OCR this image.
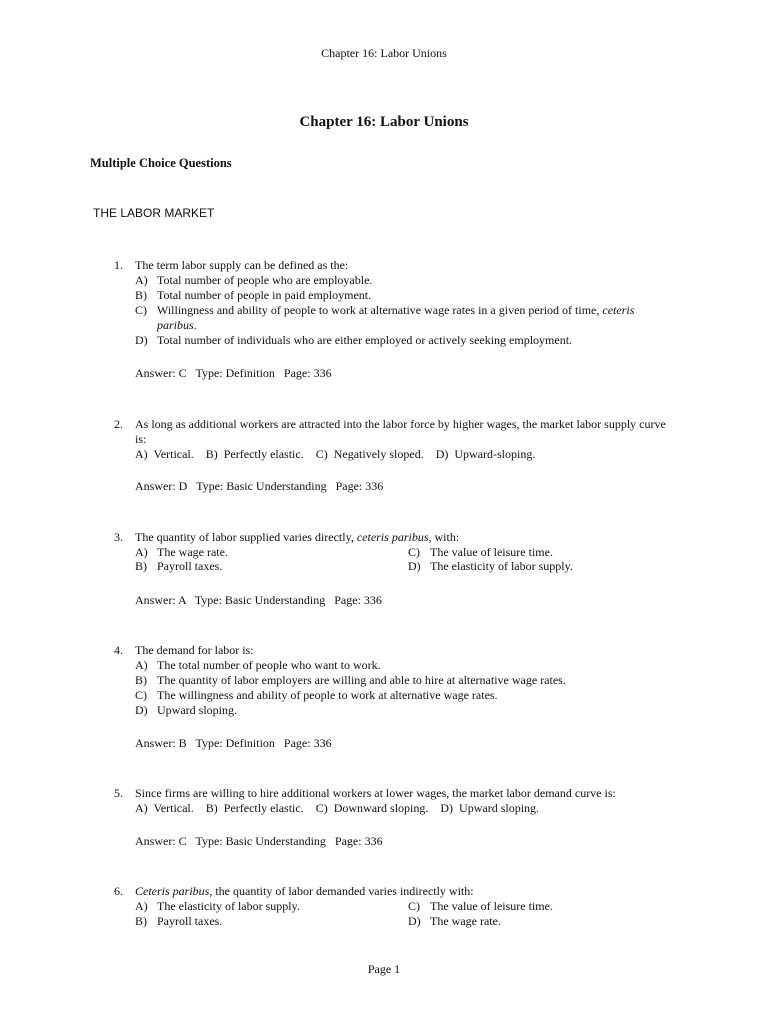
Chapter 16: Labor Unions
Chapter 16: Labor Unions
Multiple Choice Questions
THE LABOR MARKET
1. The term labor supply can be defined as the:
A) Total number of people who are employable.
B) Total number of people in paid employment.
C) Willingness and ability of people to work at alternative wage rates in a given period of time, ceteris
paribus.
D) Total number of individuals who are either employed or actively seeking employment.
Answer: C   Type: Definition   Page: 336
2. As long as additional workers are attracted into the labor force by higher wages, the market labor supply curve is:
A)  Vertical.    B)  Perfectly elastic.    C)  Negatively sloped.    D)  Upward-sloping.
Answer: D   Type: Basic Understanding   Page: 336
3. The quantity of labor supplied varies directly, ceteris paribus, with:
A) The wage rate.
B) Payroll taxes.
C) The value of leisure time.
D) The elasticity of labor supply.
Answer: A   Type: Basic Understanding   Page: 336
4. The demand for labor is:
A) The total number of people who want to work.
B) The quantity of labor employers are willing and able to hire at alternative wage rates.
C) The willingness and ability of people to work at alternative wage rates.
D) Upward sloping.
Answer: B   Type: Definition   Page: 336
5. Since firms are willing to hire additional workers at lower wages, the market labor demand curve is:
A)  Vertical.    B)  Perfectly elastic.    C)  Downward sloping.    D)  Upward sloping.
Answer: C   Type: Basic Understanding   Page: 336
6. Ceteris paribus, the quantity of labor demanded varies indirectly with:
A) The elasticity of labor supply.
B) Payroll taxes.
C) The value of leisure time.
D) The wage rate.
Page 1
